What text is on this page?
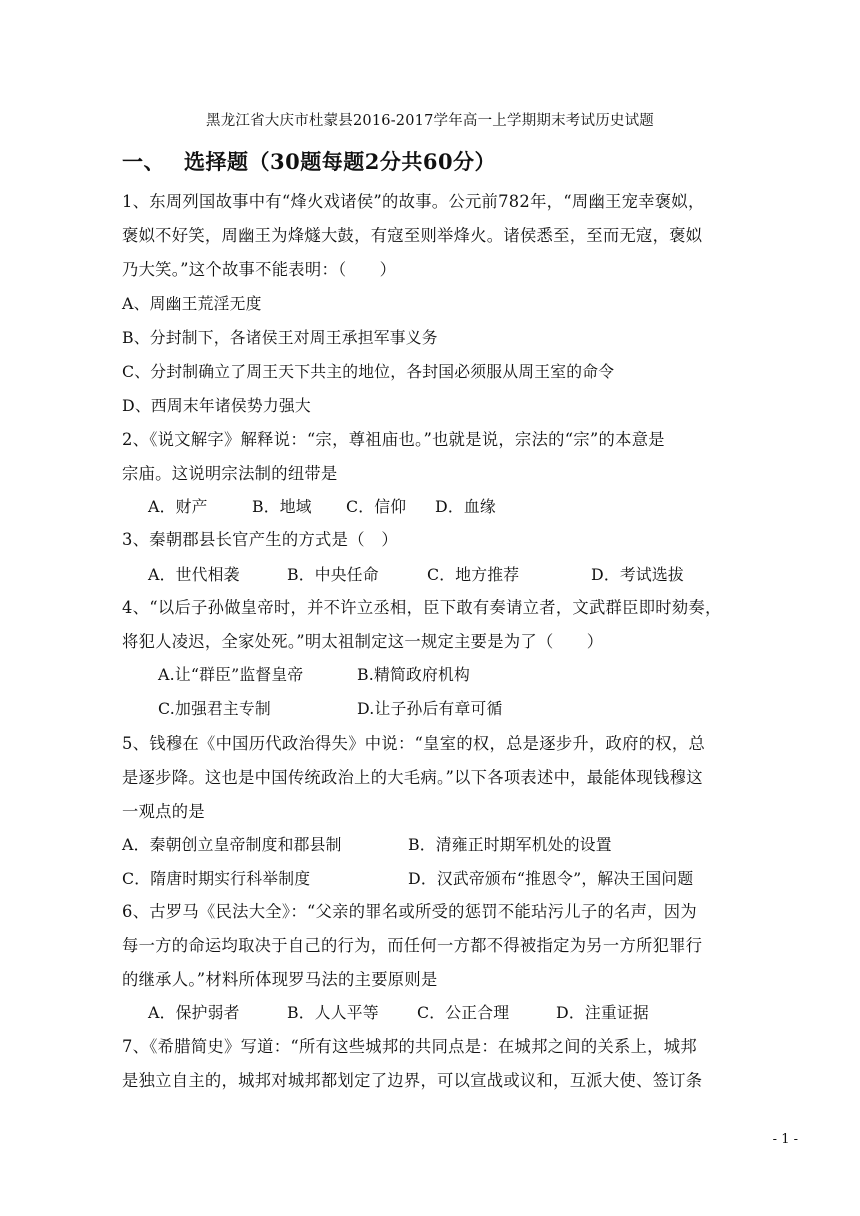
黑龙江省大庆市杜蒙县2016-2017学年高一上学期期末考试历史试题
一、 选择题（30题每题2分共60分）
1、东周列国故事中有“烽火戏诸侯”的故事。公元前782年，“周幽王宠幸褒姒，
褒姒不好笑，周幽王为烽燧大鼓，有寇至则举烽火。诸侯悉至，至而无寇，褒姒
乃大笑。”这个故事不能表明：（　　）
A、周幽王荒淫无度
B、分封制下，各诸侯王对周王承担军事义务
C、分封制确立了周王天下共主的地位，各封国必须服从周王室的命令
D、西周末年诸侯势力强大
2、《说文解字》解释说：“宗，尊祖庙也。”也就是说，宗法的“宗”的本意是
宗庙。这说明宗法制的纽带是
A．财产	B．地域 C．信仰 D．血缘
3、秦朝郡县长官产生的方式是（　）
A．世代相袭	B．中央任命	C．地方推荐	D．考试选拔
4、“以后子孙做皇帝时，并不许立丞相，臣下敢有奏请立者，文武群臣即时劾奏，
将犯人凌迟，全家处死。”明太祖制定这一规定主要是为了（　　）
A.让“群臣”监督皇帝	B.精简政府机构
C.加强君主专制	D.让子孙后有章可循
5、钱穆在《中国历代政治得失》中说：“皇室的权，总是逐步升，政府的权，总
是逐步降。这也是中国传统政治上的大毛病。”以下各项表述中，最能体现钱穆这
一观点的是
A．秦朝创立皇帝制度和郡县制	B．清雍正时期军机处的设置
C．隋唐时期实行科举制度	D．汉武帝颁布“推恩令”，解决王国问题
6、古罗马《民法大全》：“父亲的罪名或所受的惩罚不能玷污儿子的名声，因为
每一方的命运均取决于自己的行为，而任何一方都不得被指定为另一方所犯罪行
的继承人。”材料所体现罗马法的主要原则是
A．保护弱者	B．人人平等 C．公正合理	D．注重证据
7、《希腊简史》写道：“所有这些城邦的共同点是：在城邦之间的关系上，城邦
是独立自主的，城邦对城邦都划定了边界，可以宣战或议和，互派大使、签订条
- 1 -
